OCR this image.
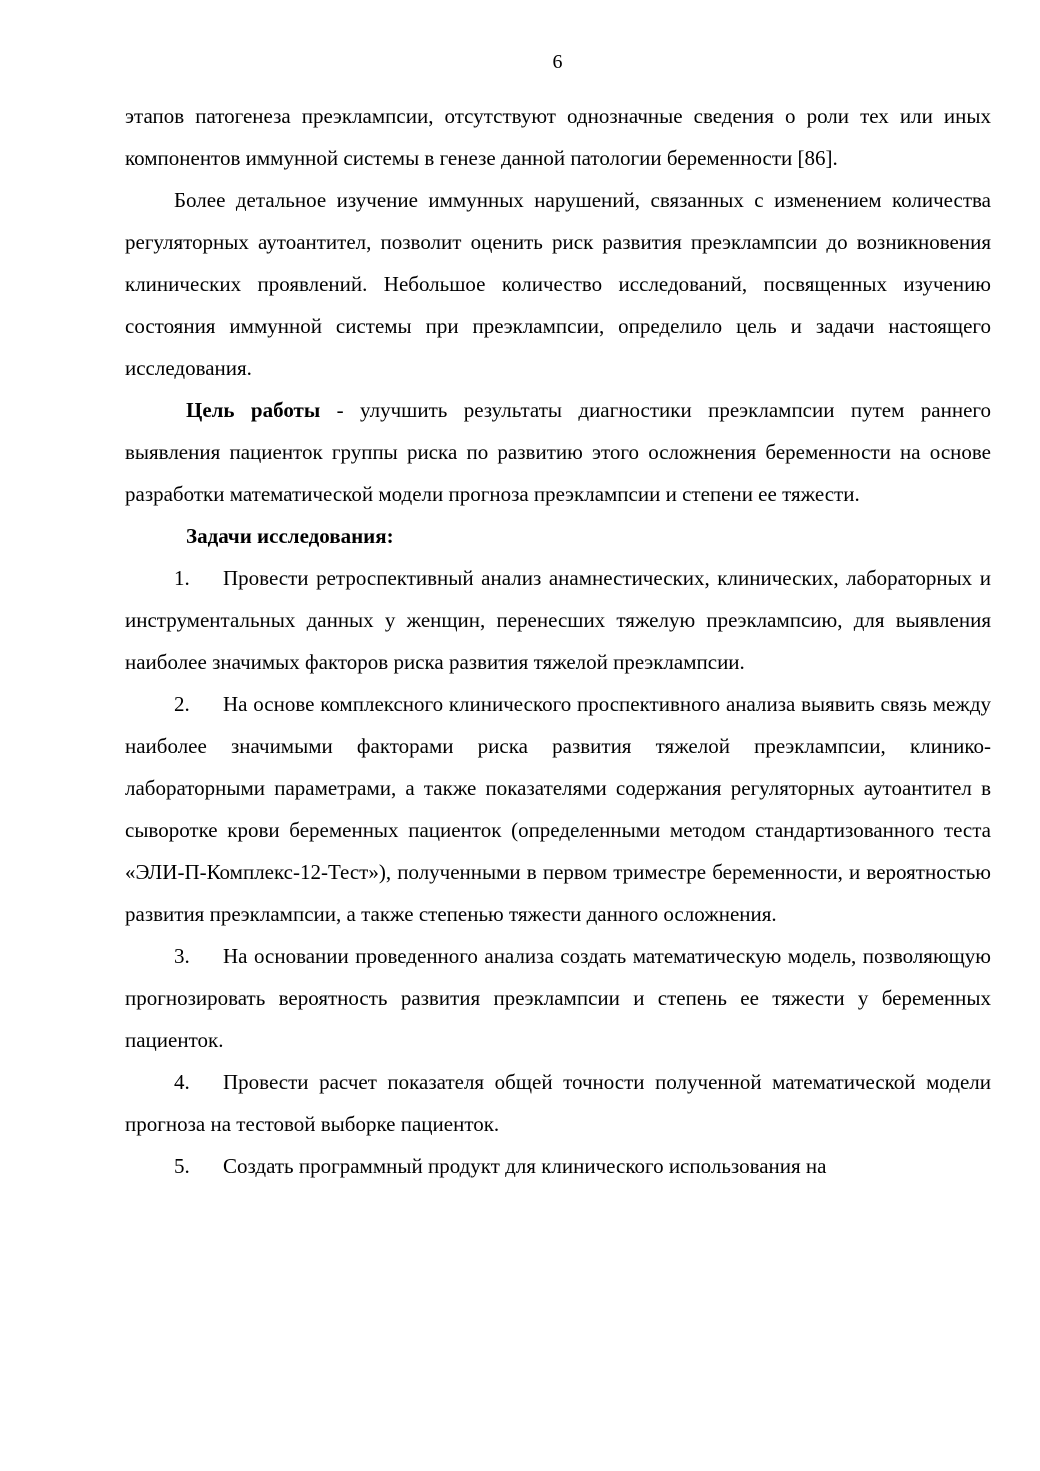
6

этапов патогенеза преэклампсии, отсутствуют однозначные сведения о роли тех или иных компонентов иммунной системы в генезе данной патологии беременности [86].

Более детальное изучение иммунных нарушений, связанных с изменением количества регуляторных аутоантител, позволит оценить риск развития преэклампсии до возникновения клинических проявлений. Небольшое количество исследований, посвященных изучению состояния иммунной системы при преэклампсии, определило цель и задачи настоящего исследования.

Цель работы - улучшить результаты диагностики преэклампсии путем раннего выявления пациенток группы риска по развитию этого осложнения беременности на основе разработки математической модели прогноза преэклампсии и степени ее тяжести.

Задачи исследования:

1. Провести ретроспективный анализ анамнестических, клинических, лабораторных и инструментальных данных у женщин, перенесших тяжелую преэклампсию, для выявления наиболее значимых факторов риска развития тяжелой преэклампсии.

2. На основе комплексного клинического проспективного анализа выявить связь между наиболее значимыми факторами риска развития тяжелой преэклампсии, клинико-лабораторными параметрами, а также показателями содержания регуляторных аутоантител в сыворотке крови беременных пациенток (определенными методом стандартизованного теста «ЭЛИ-П-Комплекс-12-Тест»), полученными в первом триместре беременности, и вероятностью развития преэклампсии, а также степенью тяжести данного осложнения.

3. На основании проведенного анализа создать математическую модель, позволяющую прогнозировать вероятность развития преэклампсии и степень ее тяжести у беременных пациенток.

4. Провести расчет показателя общей точности полученной математической модели прогноза на тестовой выборке пациенток.

5. Создать программный продукт для клинического использования на
